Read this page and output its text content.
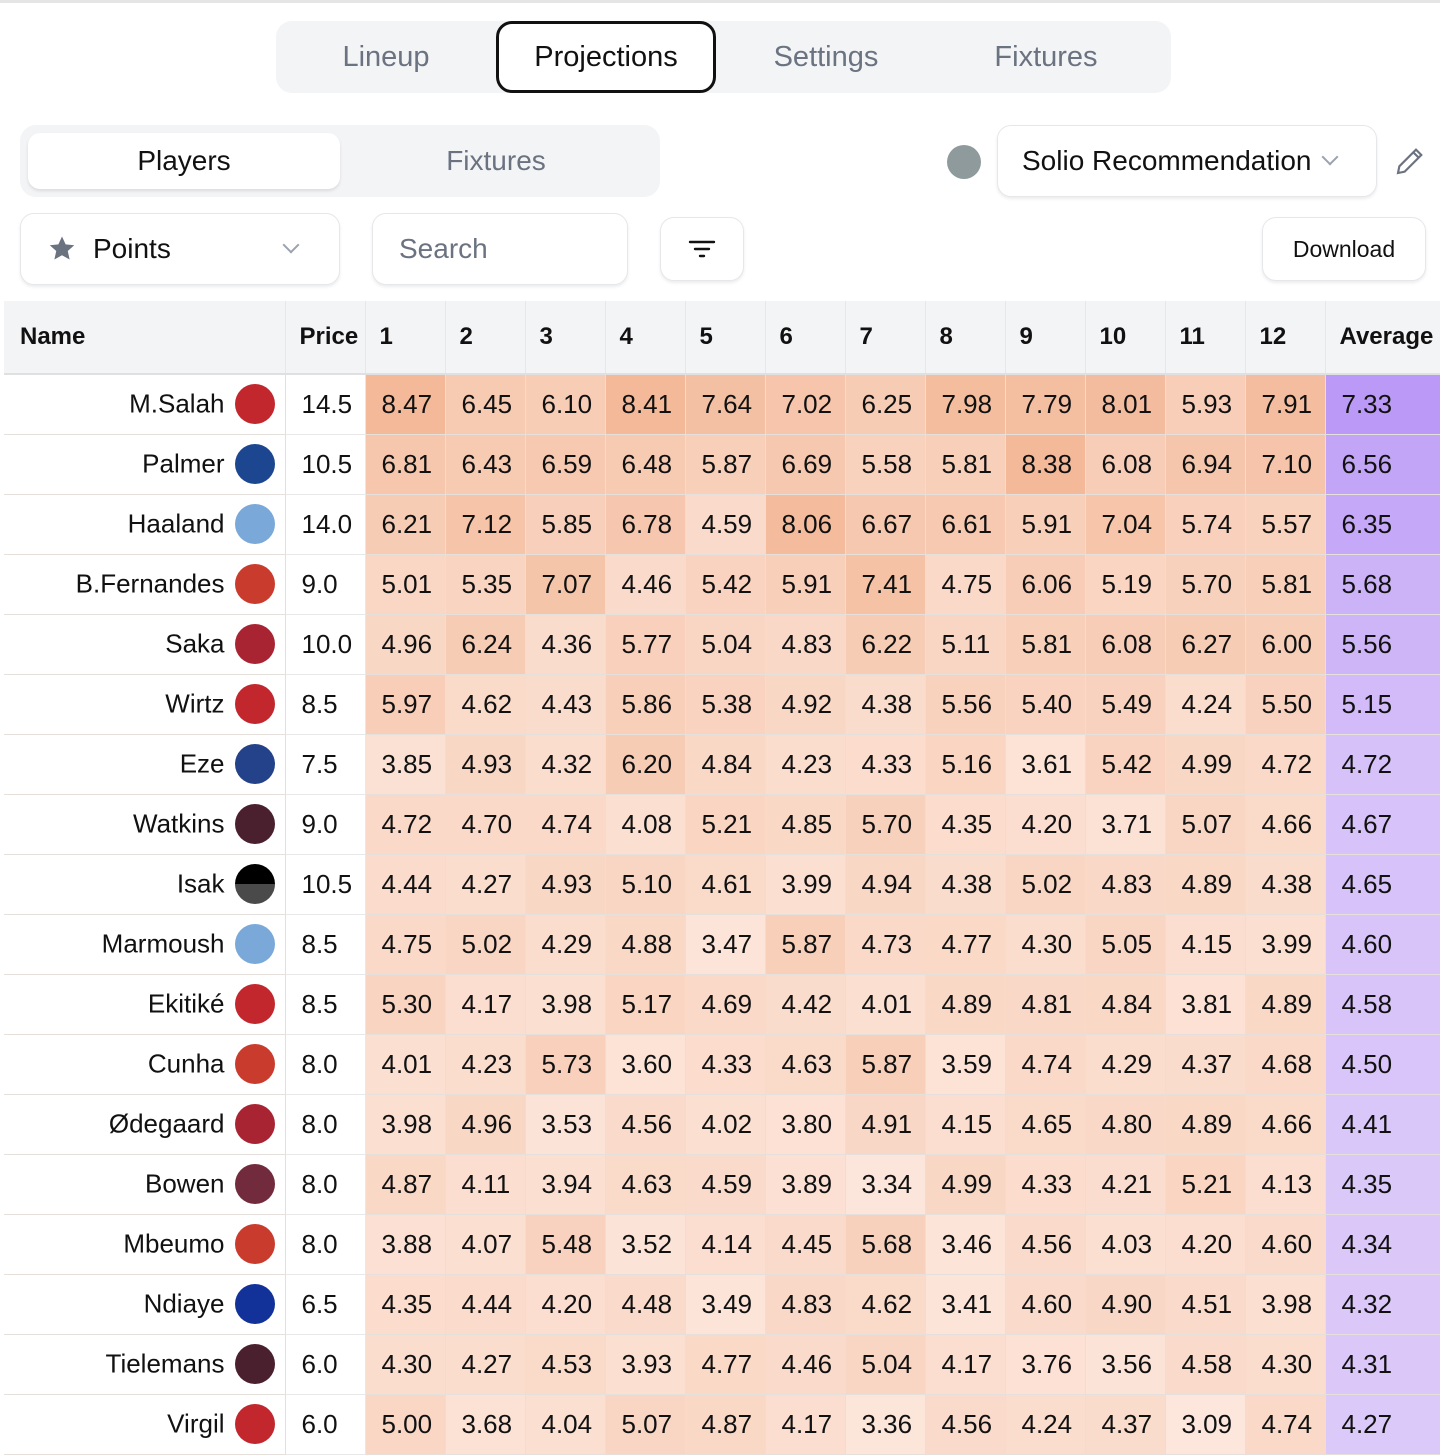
Lineup	Projections	Settings	Fixtures
Players	Fixtures	Solio Recommendation
Points
Search	Download
Name	Price	1	2	3	4	5	6	7	8	9	10	11	12	Average
M.Salah	14.5	8.47	6.45	6.10	8.41	7.64	7.02	6.25	7.98	7.79	8.01	5.93	7.91	7.33
Palmer	10.5	6.81	6.43	6.59	6.48	5.87	6.69	5.58	5.81	8.38	6.08	6.94	7.10	6.56
Haaland	14.0	6.21	7.12	5.85	6.78	4.59	8.06	6.67	6.61	5.91	7.04	5.74	5.57	6.35
B.Fernandes	9.0	5.01	5.35	7.07	4.46	5.42	5.91	7.41	4.75	6.06	5.19	5.70	5.81	5.68
Saka	10.0	4.96	6.24	4.36	5.77	5.04	4.83	6.22	5.11	5.81	6.08	6.27	6.00	5.56
Wirtz	8.5	5.97	4.62	4.43	5.86	5.38	4.92	4.38	5.56	5.40	5.49	4.24	5.50	5.15
Eze	7.5	3.85	4.93	4.32	6.20	4.84	4.23	4.33	5.16	3.61	5.42	4.99	4.72	4.72
Watkins	9.0	4.72	4.70	4.74	4.08	5.21	4.85	5.70	4.35	4.20	3.71	5.07	4.66	4.67
Isak	10.5	4.44	4.27	4.93	5.10	4.61	3.99	4.94	4.38	5.02	4.83	4.89	4.38	4.65
Marmoush	8.5	4.75	5.02	4.29	4.88	3.47	5.87	4.73	4.77	4.30	5.05	4.15	3.99	4.60
Ekitiké	8.5	5.30	4.17	3.98	5.17	4.69	4.42	4.01	4.89	4.81	4.84	3.81	4.89	4.58
Cunha	8.0	4.01	4.23	5.73	3.60	4.33	4.63	5.87	3.59	4.74	4.29	4.37	4.68	4.50
Ødegaard	8.0	3.98	4.96	3.53	4.56	4.02	3.80	4.91	4.15	4.65	4.80	4.89	4.66	4.41
Bowen	8.0	4.87	4.11	3.94	4.63	4.59	3.89	3.34	4.99	4.33	4.21	5.21	4.13	4.35
Mbeumo	8.0	3.88	4.07	5.48	3.52	4.14	4.45	5.68	3.46	4.56	4.03	4.20	4.60	4.34
Ndiaye	6.5	4.35	4.44	4.20	4.48	3.49	4.83	4.62	3.41	4.60	4.90	4.51	3.98	4.32
Tielemans	6.0	4.30	4.27	4.53	3.93	4.77	4.46	5.04	4.17	3.76	3.56	4.58	4.30	4.31
Virgil	6.0	5.00	3.68	4.04	5.07	4.87	4.17	3.36	4.56	4.24	4.37	3.09	4.74	4.27
